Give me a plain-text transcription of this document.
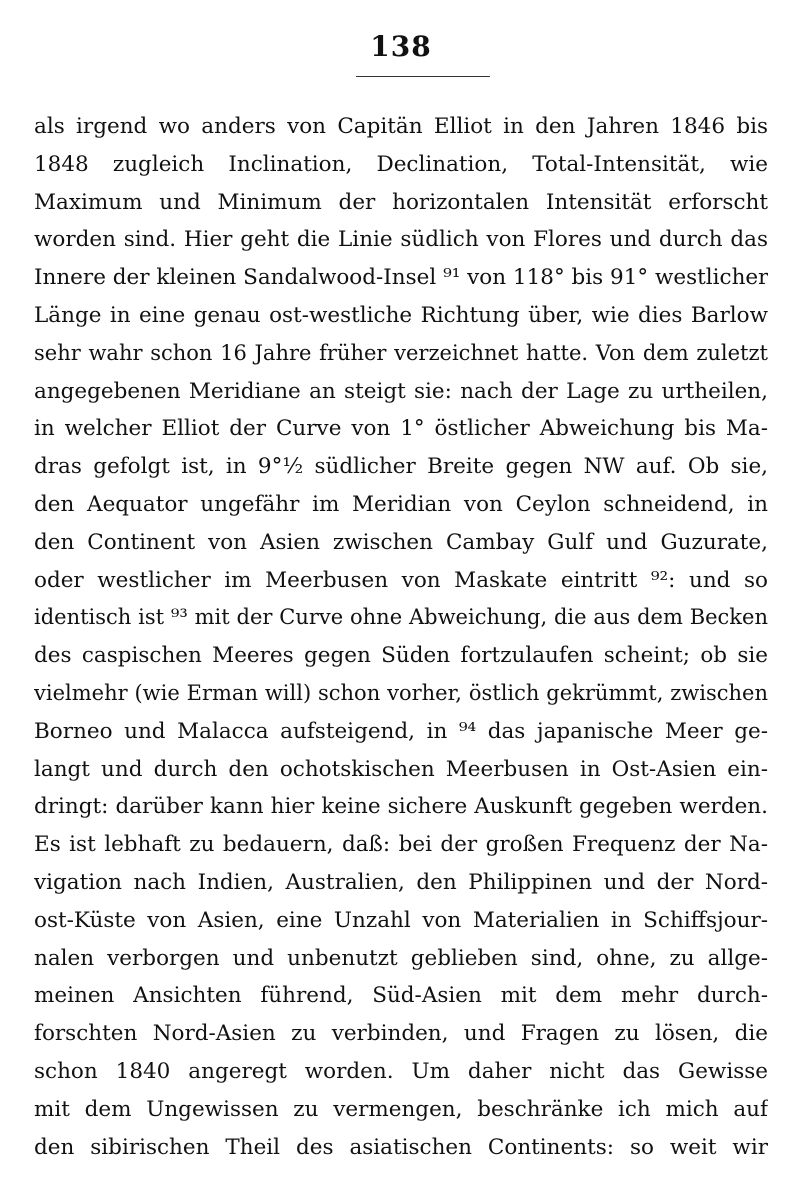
138
als irgend wo anders von Capitän Elliot in den Jahren 1846 bis
1848 zugleich Inclination, Declination, Total-Intensität, wie
Maximum und Minimum der horizontalen Intensität erforscht
worden sind. Hier geht die Linie südlich von Flores und durch das
Innere der kleinen Sandalwood-Insel ⁹¹ von 118° bis 91° westlicher
Länge in eine genau ost-westliche Richtung über, wie dies Barlow
sehr wahr schon 16 Jahre früher verzeichnet hatte. Von dem zuletzt
angegebenen Meridiane an steigt sie: nach der Lage zu urtheilen,
in welcher Elliot der Curve von 1° östlicher Abweichung bis Ma-
dras gefolgt ist, in 9°½ südlicher Breite gegen NW auf. Ob sie,
den Aequator ungefähr im Meridian von Ceylon schneidend, in
den Continent von Asien zwischen Cambay Gulf und Guzurate,
oder westlicher im Meerbusen von Maskate eintritt ⁹²: und so
identisch ist ⁹³ mit der Curve ohne Abweichung, die aus dem Becken
des caspischen Meeres gegen Süden fortzulaufen scheint; ob sie
vielmehr (wie Erman will) schon vorher, östlich gekrümmt, zwischen
Borneo und Malacca aufsteigend, in ⁹⁴ das japanische Meer ge-
langt und durch den ochotskischen Meerbusen in Ost-Asien ein-
dringt: darüber kann hier keine sichere Auskunft gegeben werden.
Es ist lebhaft zu bedauern, daß: bei der großen Frequenz der Na-
vigation nach Indien, Australien, den Philippinen und der Nord-
ost-Küste von Asien, eine Unzahl von Materialien in Schiffsjour-
nalen verborgen und unbenutzt geblieben sind, ohne, zu allge-
meinen Ansichten führend, Süd-Asien mit dem mehr durch-
forschten Nord-Asien zu verbinden, und Fragen zu lösen, die
schon 1840 angeregt worden. Um daher nicht das Gewisse
mit dem Ungewissen zu vermengen, beschränke ich mich auf
den sibirischen Theil des asiatischen Continents: so weit wir
